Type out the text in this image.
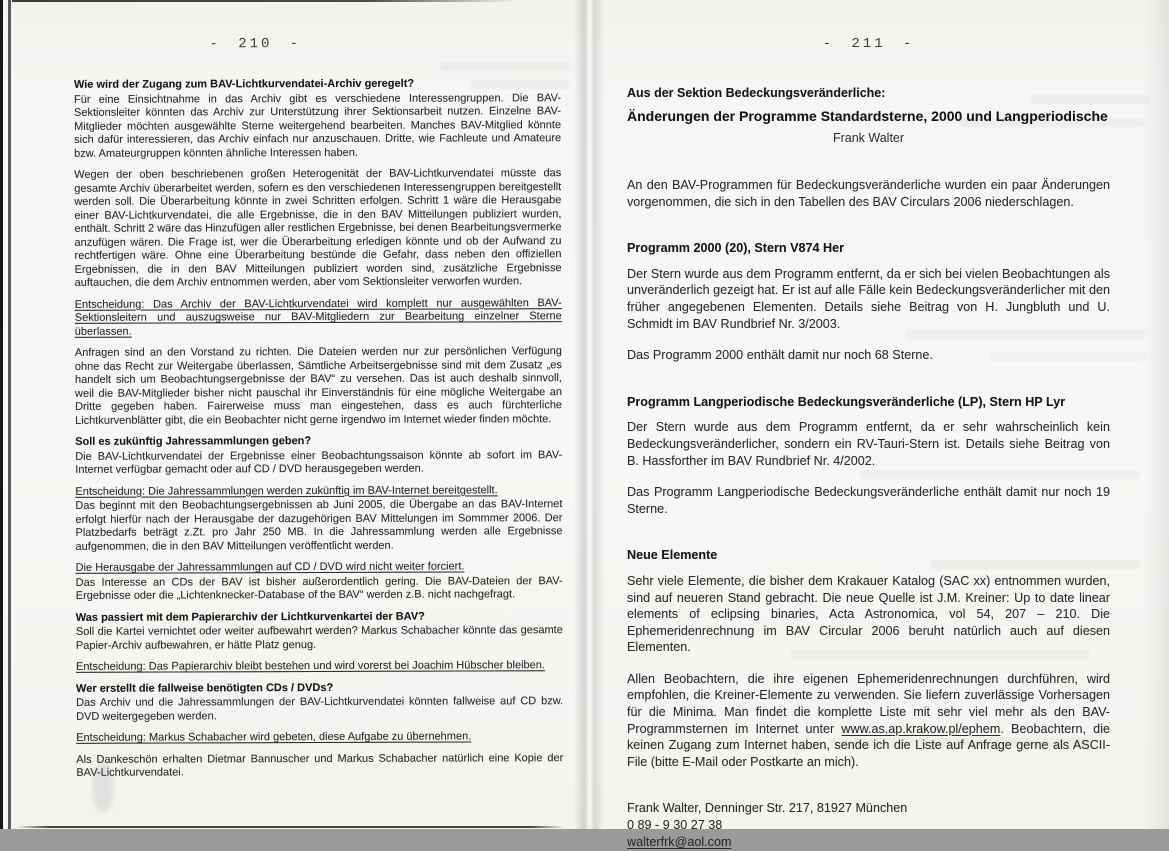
- 210 -
Wie wird der Zugang zum BAV-Lichtkurvendatei-Archiv geregelt?

Für eine Einsichtnahme in das Archiv gibt es verschiedene Interessengruppen. Die BAV-Sektionsleiter könnten das Archiv zur Unterstützung ihrer Sektionsarbeit nutzen. Einzelne BAV-Mitglieder möchten ausgewählte Sterne weitergehend bearbeiten. Manches BAV-Mitglied könnte sich dafür interessieren, das Archiv einfach nur anzuschauen. Dritte, wie Fachleute und Amateure bzw. Amateurgruppen könnten ähnliche Interessen haben.

Wegen der oben beschriebenen großen Heterogenität der BAV-Lichtkurvendatei müsste das gesamte Archiv überarbeitet werden, sofern es den verschiedenen Interessengruppen bereitgestellt werden soll. Die Überarbeitung könnte in zwei Schritten erfolgen. Schritt 1 wäre die Herausgabe einer BAV-Lichtkurvendatei, die alle Ergebnisse, die in den BAV Mitteilungen publiziert wurden, enthält. Schritt 2 wäre das Hinzufügen aller restlichen Ergebnisse, bei denen Bearbeitungsvermerke anzufügen wären. Die Frage ist, wer die Überarbeitung erledigen könnte und ob der Aufwand zu rechtfertigen wäre. Ohne eine Überarbeitung bestünde die Gefahr, dass neben den offiziellen Ergebnissen, die in den BAV Mitteilungen publiziert worden sind, zusätzliche Ergebnisse auftauchen, die dem Archiv entnommen werden, aber vom Sektionsleiter verworfen wurden.

Entscheidung: Das Archiv der BAV-Lichtkurvendatei wird komplett nur ausgewählten BAV-Sektionsleitern und auszugsweise nur BAV-Mitgliedern zur Bearbeitung einzelner Sterne überlassen.

Anfragen sind an den Vorstand zu richten. Die Dateien werden nur zur persönlichen Verfügung ohne das Recht zur Weitergabe überlassen, Sämtliche Arbeitsergebnisse sind mit dem Zusatz „es handelt sich um Beobachtungsergebnisse der BAV“ zu versehen. Das ist auch deshalb sinnvoll, weil die BAV-Mitglieder bisher nicht pauschal ihr Einverständnis für eine mögliche Weitergabe an Dritte gegeben haben. Fairerweise muss man eingestehen, dass es auch fürchterliche Lichtkurvenblätter gibt, die ein Beobachter nicht gerne irgendwo im Internet wieder finden möchte.

Soll es zukünftig Jahressammlungen geben?

Die BAV-Lichtkurvendatei der Ergebnisse einer Beobachtungssaison könnte ab sofort im BAV-Internet verfügbar gemacht oder auf CD / DVD herausgegeben werden.

Entscheidung: Die Jahressammlungen werden zukünftig im BAV-Internet bereitgestellt.

Das beginnt mit den Beobachtungsergebnissen ab Juni 2005, die Übergabe an das BAV-Internet erfolgt hierfür nach der Herausgabe der dazugehörigen BAV Mittelungen im Sommmer 2006. Der Platzbedarfs beträgt z.Zt. pro Jahr 250 MB. In die Jahressammlung werden alle Ergebnisse aufgenommen, die in den BAV Mitteilungen veröffentlicht werden.

Die Herausgabe der Jahressammlungen auf CD / DVD wird nicht weiter forciert.

Das Interesse an CDs der BAV ist bisher außerordentlich gering. Die BAV-Dateien der BAV-Ergebnisse oder die „Lichtenknecker-Database of the BAV“ werden z.B. nicht nachgefragt.

Was passiert mit dem Papierarchiv der Lichtkurvenkartei der BAV?

Soll die Kartei vernichtet oder weiter aufbewahrt werden? Markus Schabacher könnte das gesamte Papier-Archiv aufbewahren, er hätte Platz genug.

Entscheidung: Das Papierarchiv bleibt bestehen und wird vorerst bei Joachim Hübscher bleiben.

Wer erstellt die fallweise benötigten CDs / DVDs?

Das Archiv und die Jahressammlungen der BAV-Lichtkurvendatei könnten fallweise auf CD bzw. DVD weitergegeben werden.

Entscheidung: Markus Schabacher wird gebeten, diese Aufgabe zu übernehmen.

Als Dankeschön erhalten Dietmar Bannuscher und Markus Schabacher natürlich eine Kopie der BAV-Lichtkurvendatei.

- 211 -
Aus der Sektion Bedeckungsveränderliche:
Änderungen der Programme Standardsterne, 2000 und Langperiodische
Frank Walter

An den BAV-Programmen für Bedeckungsveränderliche wurden ein paar Änderungen vorgenommen, die sich in den Tabellen des BAV Circulars 2006 niederschlagen.

Programm 2000 (20), Stern V874 Her

Der Stern wurde aus dem Programm entfernt, da er sich bei vielen Beobachtungen als unveränderlich gezeigt hat. Er ist auf alle Fälle kein Bedeckungsveränderlicher mit den früher angegebenen Elementen. Details siehe Beitrag von H. Jungbluth und U. Schmidt im BAV Rundbrief Nr. 3/2003.

Das Programm 2000 enthält damit nur noch 68 Sterne.

Programm Langperiodische Bedeckungsveränderliche (LP), Stern HP Lyr

Der Stern wurde aus dem Programm entfernt, da er sehr wahrscheinlich kein Bedeckungsveränderlicher, sondern ein RV-Tauri-Stern ist. Details siehe Beitrag von B. Hassforther im BAV Rundbrief Nr. 4/2002.

Das Programm Langperiodische Bedeckungsveränderliche enthält damit nur noch 19 Sterne.

Neue Elemente

Sehr viele Elemente, die bisher dem Krakauer Katalog (SAC xx) entnommen wurden, sind auf neueren Stand gebracht. Die neue Quelle ist J.M. Kreiner: Up to date linear elements of eclipsing binaries, Acta Astronomica, vol 54, 207 – 210. Die Ephemeridenrechnung im BAV Circular 2006 beruht natürlich auch auf diesen Elementen.

Allen Beobachtern, die ihre eigenen Ephemeridenrechnungen durchführen, wird empfohlen, die Kreiner-Elemente zu verwenden. Sie liefern zuverlässige Vorhersagen für die Minima. Man findet die komplette Liste mit sehr viel mehr als den BAV-Programmsternen im Internet unter www.as.ap.krakow.pl/ephem. Beobachtern, die keinen Zugang zum Internet haben, sende ich die Liste auf Anfrage gerne als ASCII-File (bitte E-Mail oder Postkarte an mich).

Frank Walter, Denninger Str. 217, 81927 München
0 89 - 9 30 27 38
walterfrk@aol.com
